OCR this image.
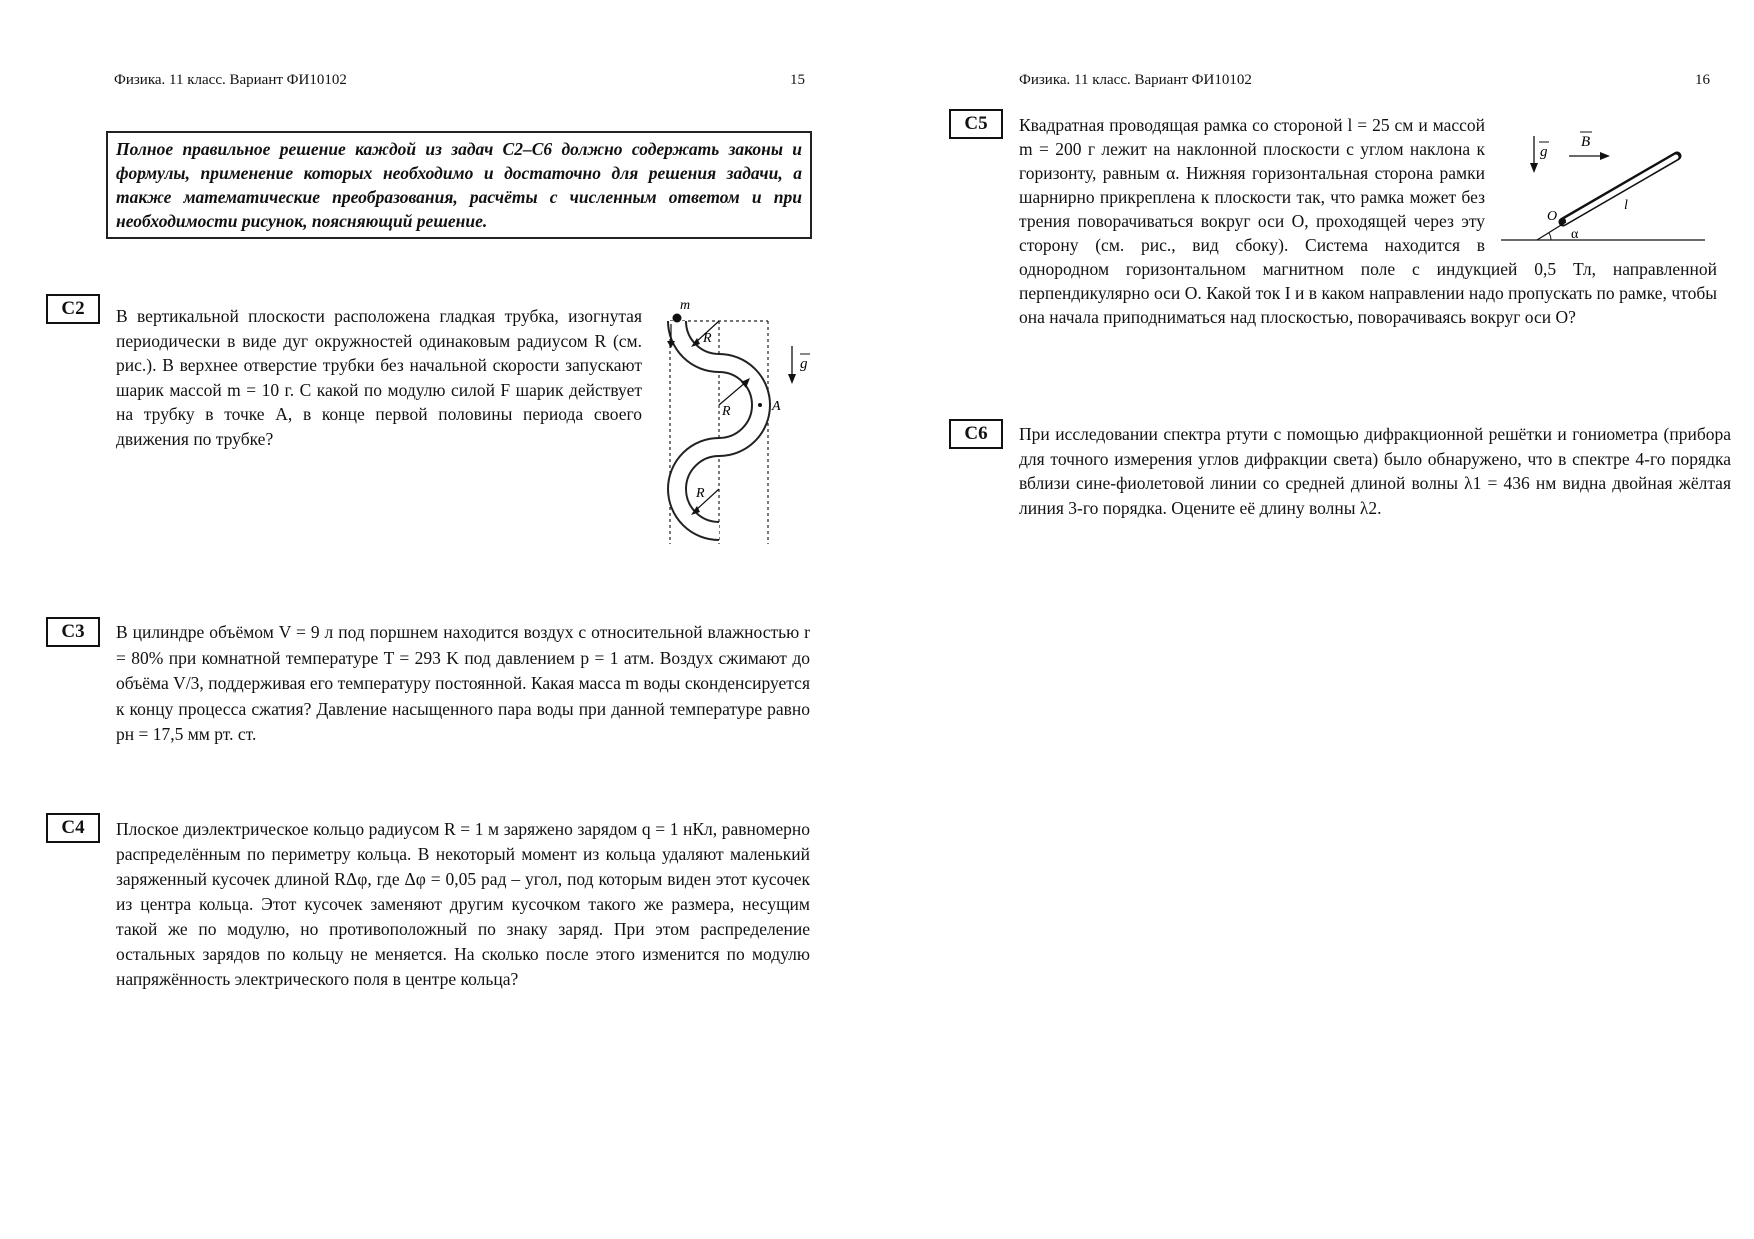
Физика. 11 класс. Вариант ФИ10102	15
Полное правильное решение каждой из задач С2–С6 должно содержать законы и формулы, применение которых необходимо и достаточно для решения задачи, а также математические преобразования, расчёты с численным ответом и при необходимости рисунок, поясняющий решение.
C2	В вертикальной плоскости расположена гладкая трубка, изогнутая периодически в виде дуг окружностей одинаковым радиусом R (см. рис.). В верхнее отверстие трубки без начальной скорости запускают шарик массой m = 10 г. С какой по модулю силой F шарик действует на трубку в точке A, в конце первой половины периода своего движения по трубке?

m
R
R
R
A
g
C3	В цилиндре объёмом V = 9 л под поршнем находится воздух с относительной влажностью r = 80% при комнатной температуре T = 293 K под давлением p = 1 атм. Воздух сжимают до объёма V/3, поддерживая его температуру постоянной. Какая масса m воды сконденсируется к концу процесса сжатия? Давление насыщенного пара воды при данной температуре равно pн = 17,5 мм рт. ст.

C4	Плоское диэлектрическое кольцо радиусом R = 1 м заряжено зарядом q = 1 нКл, равномерно распределённым по периметру кольца. В некоторый момент из кольца удаляют маленький заряженный кусочек длиной RΔφ, где Δφ = 0,05 рад – угол, под которым виден этот кусочек из центра кольца. Этот кусочек заменяют другим кусочком такого же размера, несущим такой же по модулю, но противоположный по знаку заряд. При этом распределение остальных зарядов по кольцу не меняется. На сколько после этого изменится по модулю напряжённость электрического поля в центре кольца?

Физика. 11 класс. Вариант ФИ10102	16
C5	Квадратная проводящая рамка со стороной l = 25 см и массой m = 200 г лежит на наклонной плоскости с углом наклона к горизонту, равным α. Нижняя горизонтальная сторона рамки шарнирно прикреплена к плоскости так, что рамка может без трения поворачиваться вокруг оси O, проходящей через эту сторону (см. рис., вид сбоку). Система находится в однородном горизонтальном магнитном поле с индукцией 0,5 Тл, направленной перпендикулярно оси O. Какой ток I и в каком направлении надо пропускать по рамке, чтобы она начала приподниматься над плоскостью, поворачиваясь вокруг оси O?

O
α
l
g
B
C6	При исследовании спектра ртути с помощью дифракционной решётки и гониометра (прибора для точного измерения углов дифракции света) было обнаружено, что в спектре 4-го порядка вблизи сине-фиолетовой линии со средней длиной волны λ1 = 436 нм видна двойная жёлтая линия 3-го порядка. Оцените её длину волны λ2.
